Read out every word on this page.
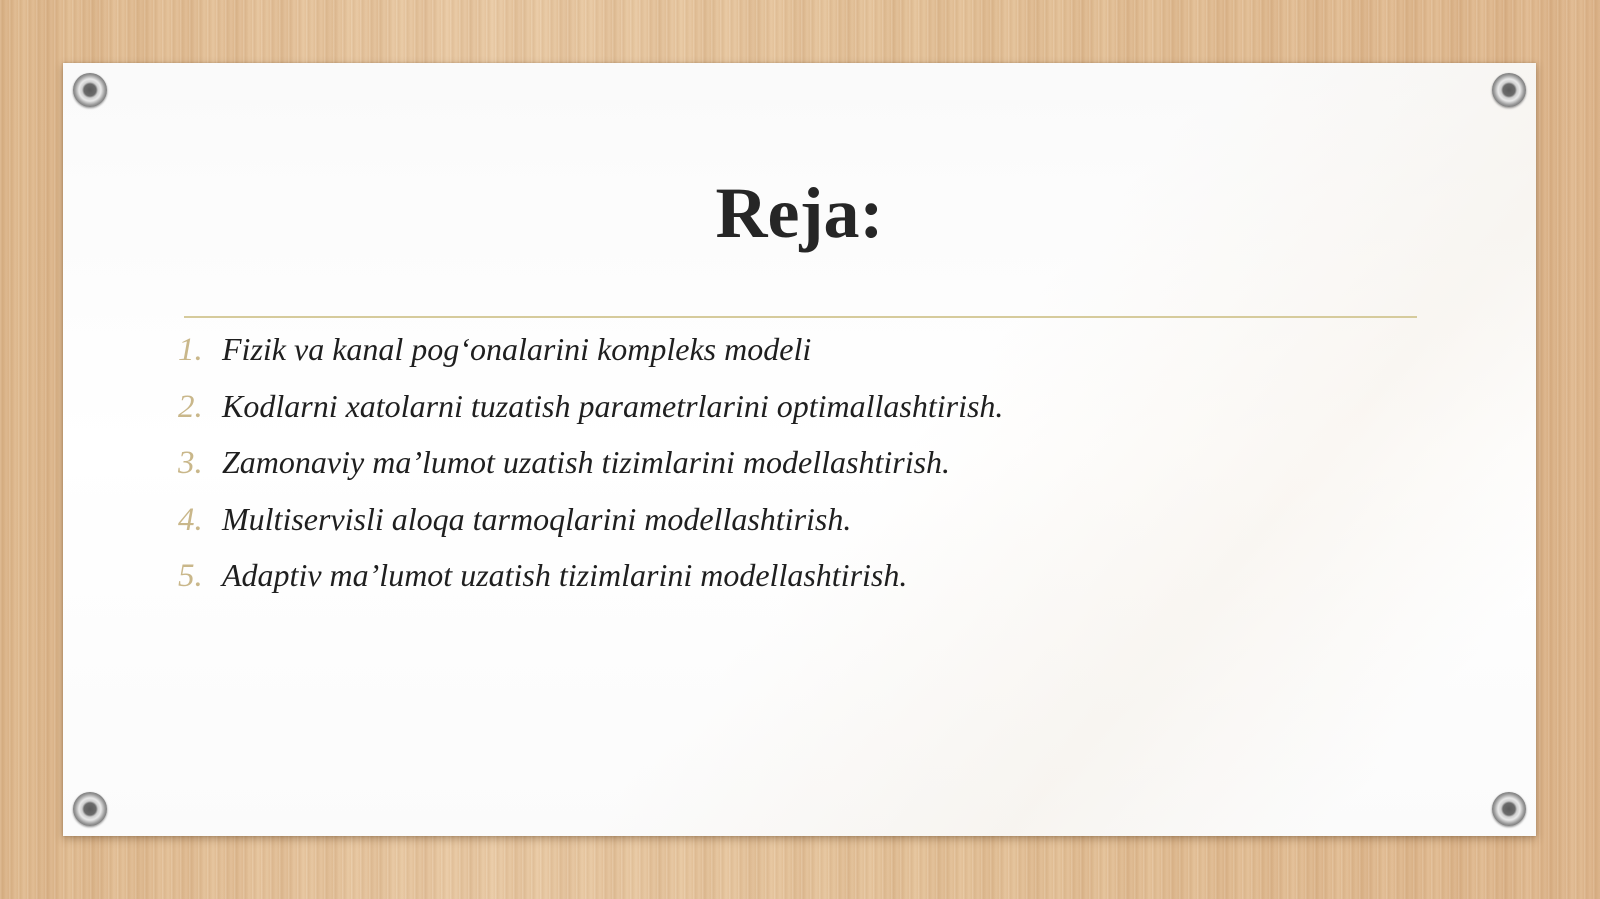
Reja:
1. Fizik va kanal pog‘onalarini kompleks modeli
2. Kodlarni xatolarni tuzatish parametrlarini optimallashtirish.
3. Zamonaviy ma’lumot uzatish tizimlarini modellashtirish.
4. Multiservisli aloqa tarmoqlarini modellashtirish.
5. Adaptiv ma’lumot uzatish tizimlarini modellashtirish.
